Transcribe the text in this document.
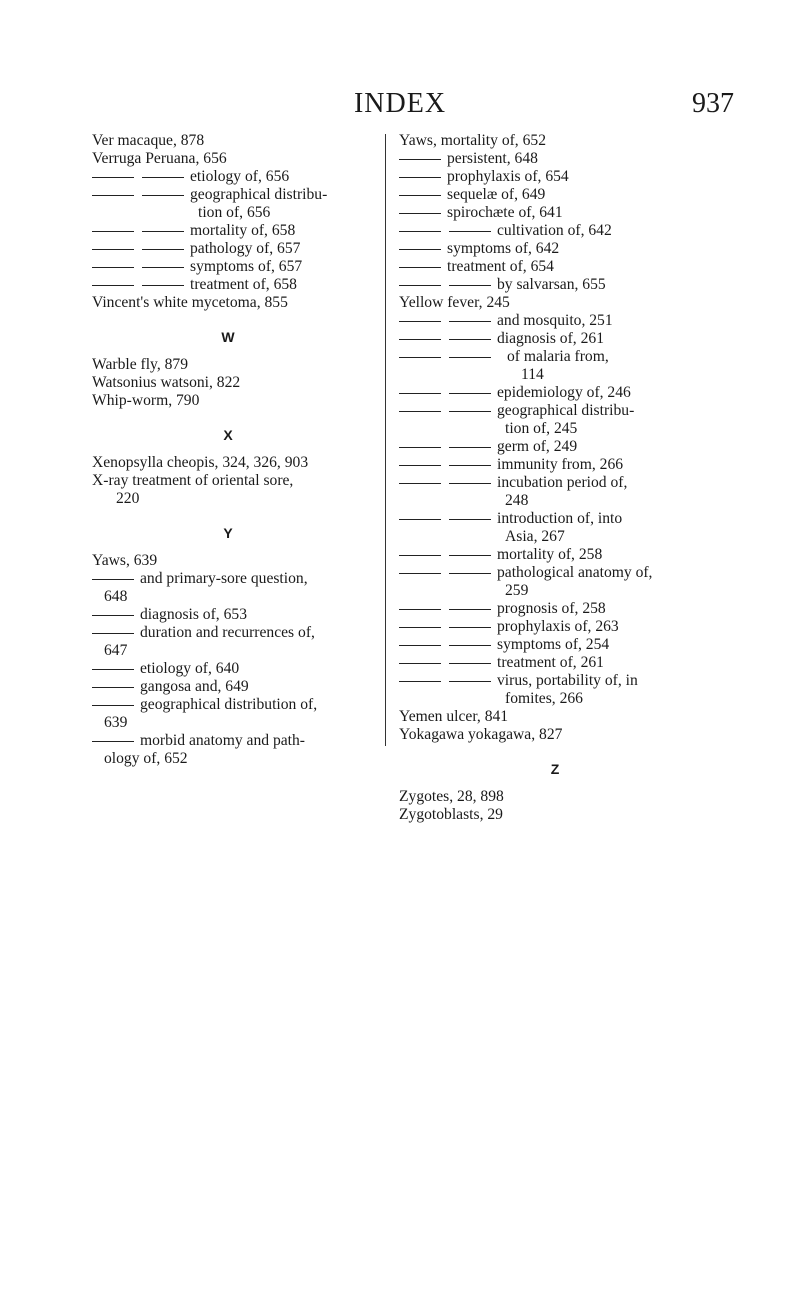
INDEX	937
Ver macaque, 878
Verruga Peruana, 656
etiology of, 656
geographical distribu-
tion of, 656
mortality of, 658
pathology of, 657
symptoms of, 657
treatment of, 658
Vincent's white mycetoma, 855
W
Warble fly, 879
Watsonius watsoni, 822
Whip-worm, 790
X
Xenopsylla cheopis, 324, 326, 903
X-ray treatment of oriental sore,
220
Y
Yaws, 639
and primary-sore question,
648
diagnosis of, 653
duration and recurrences of,
647
etiology of, 640
gangosa and, 649
geographical distribution of,
639
morbid anatomy and path-
ology of, 652
Yaws, mortality of, 652
persistent, 648
prophylaxis of, 654
sequelæ of, 649
spirochæte of, 641
cultivation of, 642
symptoms of, 642
treatment of, 654
by salvarsan, 655
Yellow fever, 245
and mosquito, 251
diagnosis of, 261
of malaria from,
114
epidemiology of, 246
geographical distribu-
tion of, 245
germ of, 249
immunity from, 266
incubation period of,
248
introduction of, into
Asia, 267
mortality of, 258
pathological anatomy of,
259
prognosis of, 258
prophylaxis of, 263
symptoms of, 254
treatment of, 261
virus, portability of, in
fomites, 266
Yemen ulcer, 841
Yokagawa yokagawa, 827
Z
Zygotes, 28, 898
Zygotoblasts, 29
